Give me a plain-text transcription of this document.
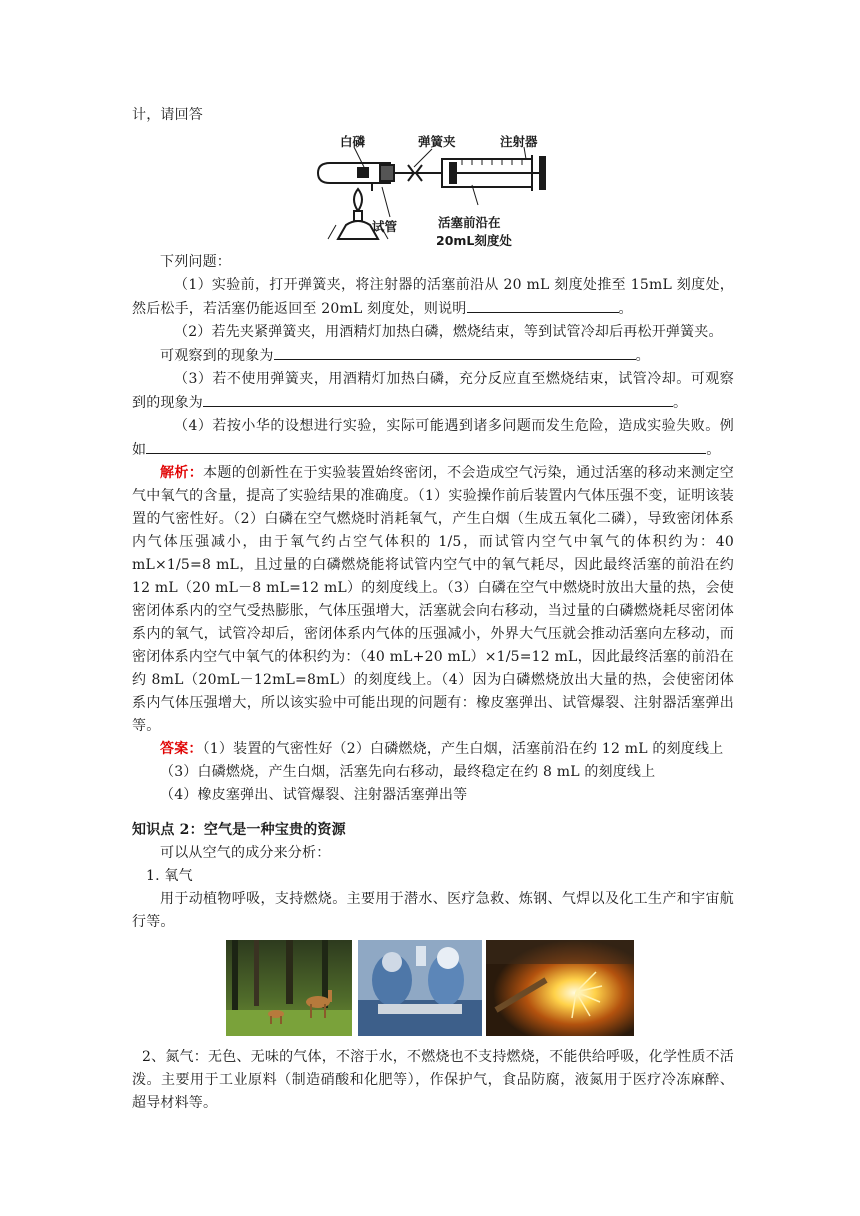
计，请回答

白磷	弹簧夹	注射器
试管	活塞前沿在
20mL刻度处

下列问题：

（1）实验前，打开弹簧夹，将注射器的活塞前沿从 20 mL 刻度处推至 15mL 刻度处，然后松手，若活塞仍能返回至 20mL 刻度处，则说明	。

（2）若先夹紧弹簧夹，用酒精灯加热白磷，燃烧结束，等到试管冷却后再松开弹簧夹。

可观察到的现象为	。

（3）若不使用弹簧夹，用酒精灯加热白磷，充分反应直至燃烧结束，试管冷却。可观察到的现象为	。

（4）若按小华的设想进行实验，实际可能遇到诸多问题而发生危险，造成实验失败。例如	。

解析：本题的创新性在于实验装置始终密闭，不会造成空气污染，通过活塞的移动来测定空气中氧气的含量，提高了实验结果的准确度。（1）实验操作前后装置内气体压强不变，证明该装置的气密性好。（2）白磷在空气燃烧时消耗氧气，产生白烟（生成五氧化二磷），导致密闭体系内气体压强减小，由于氧气约占空气体积的 1/5，而试管内空气中氧气的体积约为：40 mL×1/5=8 mL，且过量的白磷燃烧能将试管内空气中的氧气耗尽，因此最终活塞的前沿在约 12 mL（20 mL－8 mL=12 mL）的刻度线上。（3）白磷在空气中燃烧时放出大量的热，会使密闭体系内的空气受热膨胀，气体压强增大，活塞就会向右移动，当过量的白磷燃烧耗尽密闭体系内的氧气，试管冷却后，密闭体系内气体的压强减小，外界大气压就会推动活塞向左移动，而密闭体系内空气中氧气的体积约为：（40 mL+20 mL）×1/5=12 mL，因此最终活塞的前沿在约 8mL（20mL－12mL=8mL）的刻度线上。（4）因为白磷燃烧放出大量的热，会使密闭体系内气体压强增大，所以该实验中可能出现的问题有：橡皮塞弹出、试管爆裂、注射器活塞弹出等。

答案：（1）装置的气密性好（2）白磷燃烧，产生白烟，活塞前沿在约 12 mL 的刻度线上

（3）白磷燃烧，产生白烟，活塞先向右移动，最终稳定在约 8 mL 的刻度线上

（4）橡皮塞弹出、试管爆裂、注射器活塞弹出等

知识点 2：空气是一种宝贵的资源

可以从空气的成分来分析：

1. 氧气

用于动植物呼吸，支持燃烧。主要用于潜水、医疗急救、炼钢、气焊以及化工生产和宇宙航行等。

2、氮气：无色、无味的气体，不溶于水，不燃烧也不支持燃烧，不能供给呼吸，化学性质不活泼。主要用于工业原料（制造硝酸和化肥等），作保护气，食品防腐，液氮用于医疗冷冻麻醉、超导材料等。
